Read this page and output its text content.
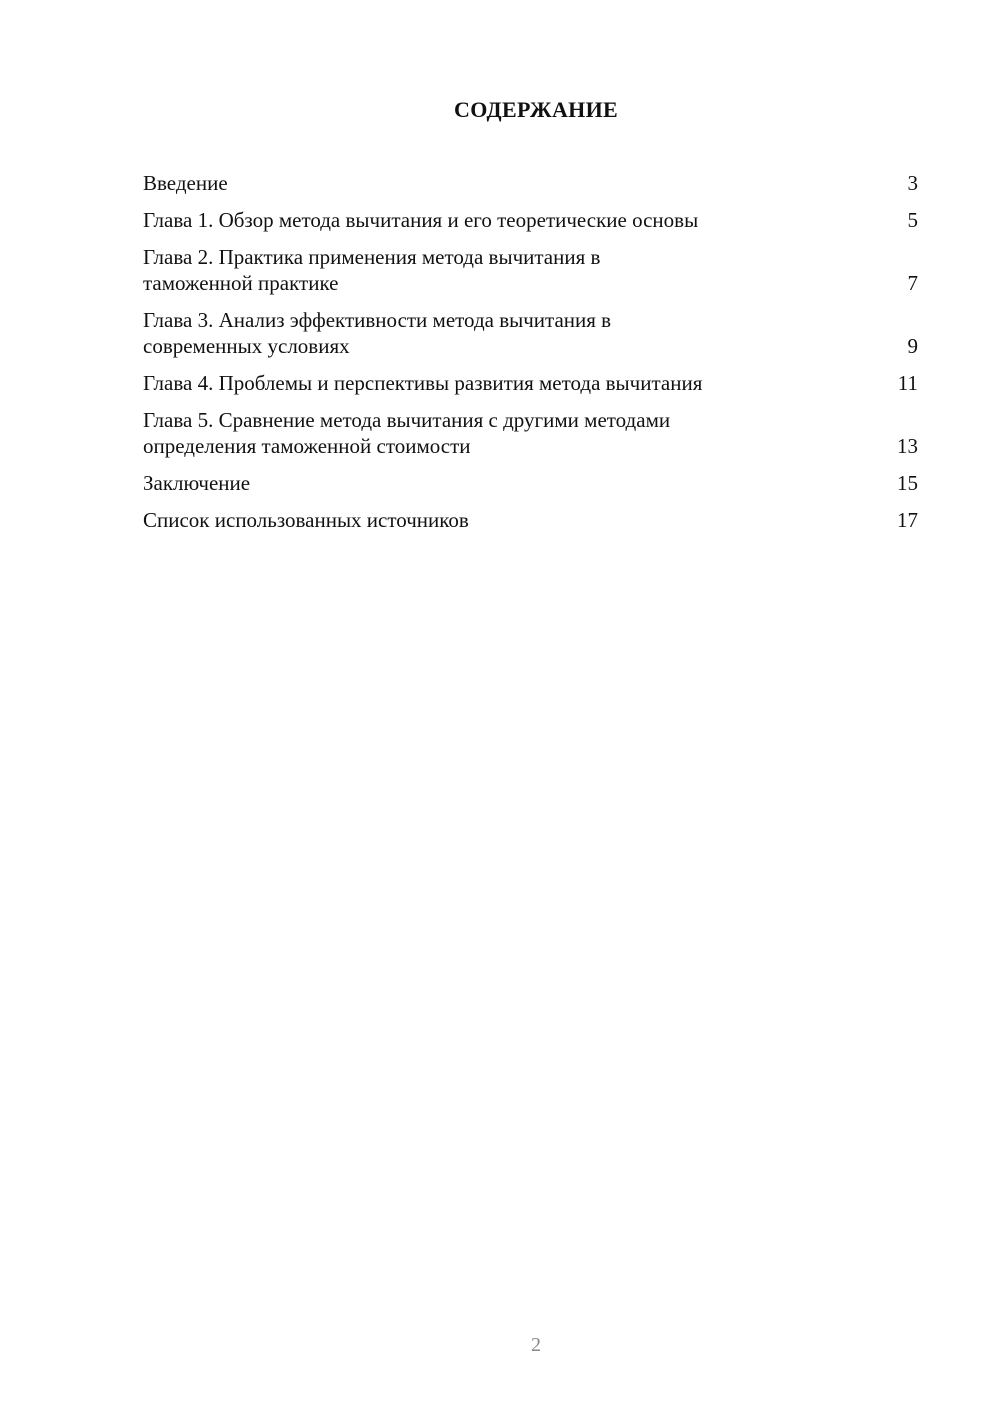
СОДЕРЖАНИЕ
Введение	3
Глава 1. Обзор метода вычитания и его теоретические основы	5
Глава 2. Практика применения метода вычитания в
таможенной практике	7
Глава 3. Анализ эффективности метода вычитания в
современных условиях	9
Глава 4. Проблемы и перспективы развития метода вычитания	11
Глава 5. Сравнение метода вычитания с другими методами
определения таможенной стоимости	13
Заключение	15
Список использованных источников	17
2
